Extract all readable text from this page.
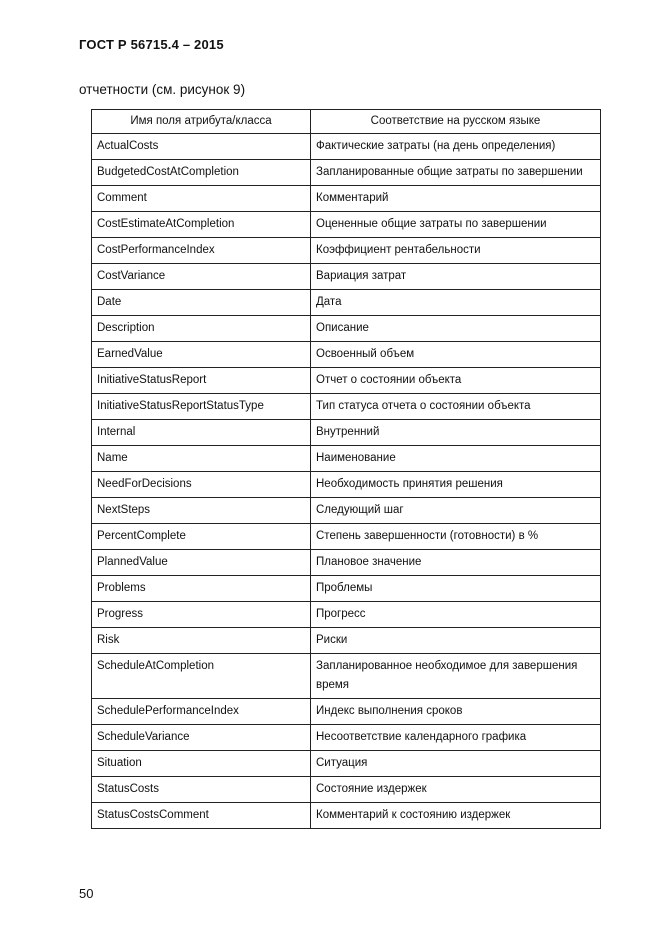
ГОСТ Р 56715.4 – 2015
отчетности (см. рисунок 9)
Имя поля атрибута/класса	Соответствие на русском языке
ActualCosts	Фактические затраты (на день определения)
BudgetedCostAtCompletion	Запланированные общие затраты по завершении
Comment	Комментарий
CostEstimateAtCompletion	Оцененные общие затраты по завершении
CostPerformanceIndex	Коэффициент рентабельности
CostVariance	Вариация затрат
Date	Дата
Description	Описание
EarnedValue	Освоенный объем
InitiativeStatusReport	Отчет о состоянии объекта
InitiativeStatusReportStatusType	Тип статуса отчета о состоянии объекта
Internal	Внутренний
Name	Наименование
NeedForDecisions	Необходимость принятия решения
NextSteps	Следующий шаг
PercentComplete	Степень завершенности (готовности) в %
PlannedValue	Плановое значение
Problems	Проблемы
Progress	Прогресс
Risk	Риски
ScheduleAtCompletion	Запланированное необходимое для завершения время
SchedulePerformanceIndex	Индекс выполнения сроков
ScheduleVariance	Несоответствие календарного графика
Situation	Ситуация
StatusCosts	Состояние издержек
StatusCostsComment	Комментарий к состоянию издержек
50
